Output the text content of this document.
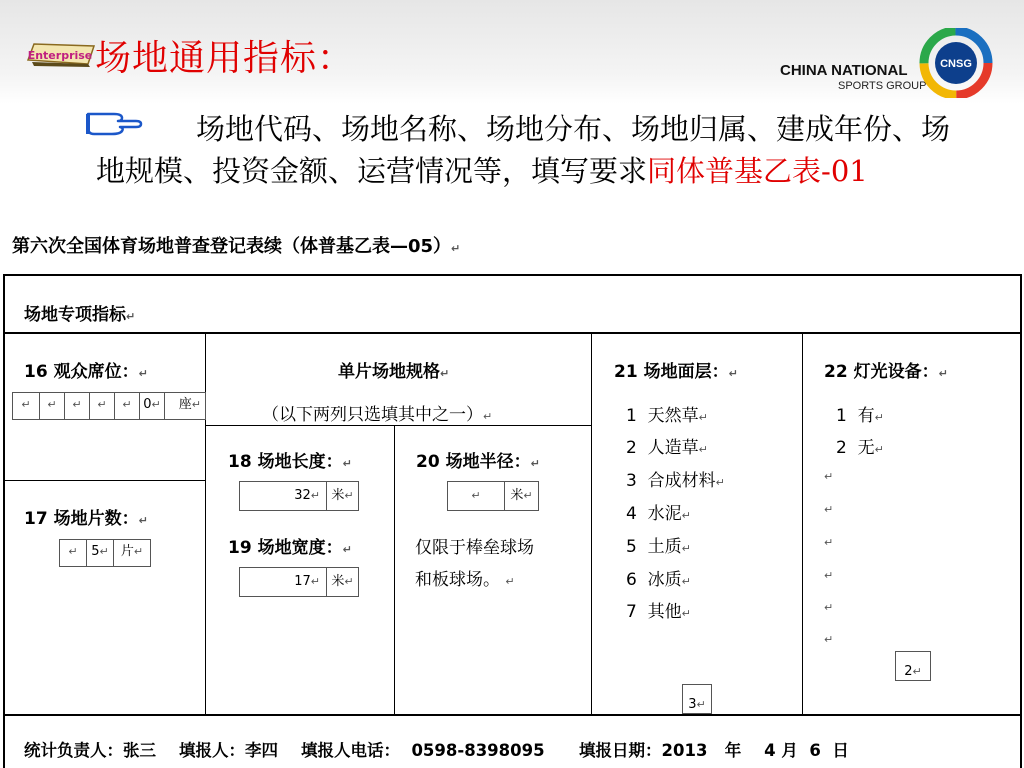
Enterprise 场地通用指标：	CHINA NATIONAL
SPORTS GROUP
CNSG
场地代码、场地名称、场地分布、场地归属、建成年份、场地规模、投资金额、运营情况等，填写要求同体普基乙表-01
第六次全国体育场地普查登记表续（体普基乙表—05）↵
场地专项指标↵
16 观众席位：↵
↵	↵	↵	↵	↵ 0↵	座↵
17 场地片数：↵
↵	5↵ 片↵
单片场地规格↵
（以下两列只选填其中之一）↵
18 场地长度：↵
32↵ 米↵
19 场地宽度：↵
17↵ 米↵
20 场地半径：↵
↵	米↵
仅限于棒垒球场
和板球场。 ↵
21 场地面层：↵
1 天然草↵
2 人造草↵
3 合成材料↵
4 水泥↵
5 土质↵
6 冰质↵
7 其他↵
3↵
22 灯光设备：↵
1 有↵
2 无↵
↵
↵
↵
↵
↵
↵
2↵
统计负责人：张三    填报人：李四    填报人电话：  0598-8398095      填报日期：2013   年    4 月  6  日
